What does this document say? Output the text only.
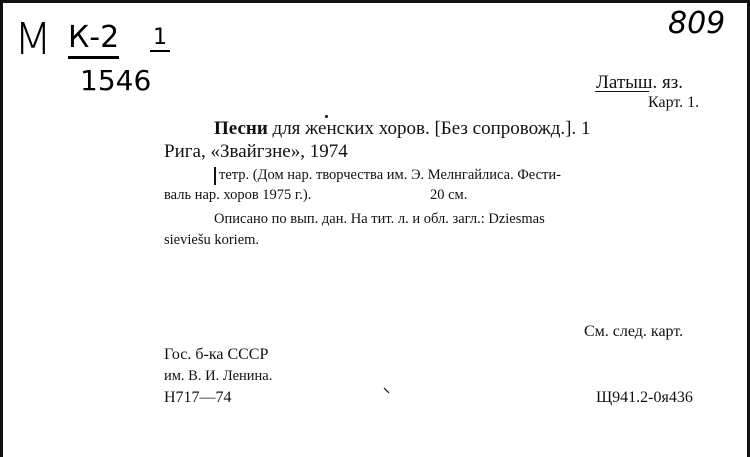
М К-2 1
1546
809
Латыш. яз.
Карт. 1.
Песни для женских хоров. [Без сопровожд.]. 1
Рига, «Звайгзне», 1974
тетр. (Дом нар. творчества им. Э. Мелнгайлиса. Фести-
валь нар. хоров 1975 г.).	20 см.
Описано по вып. дан. На тит. л. и обл. загл.: Dziesmas
sieviešu koriem.
См. след. карт.
Гос. б-ка СССР
им. В. И. Ленина.
Н717—74	Щ941.2-0я436
